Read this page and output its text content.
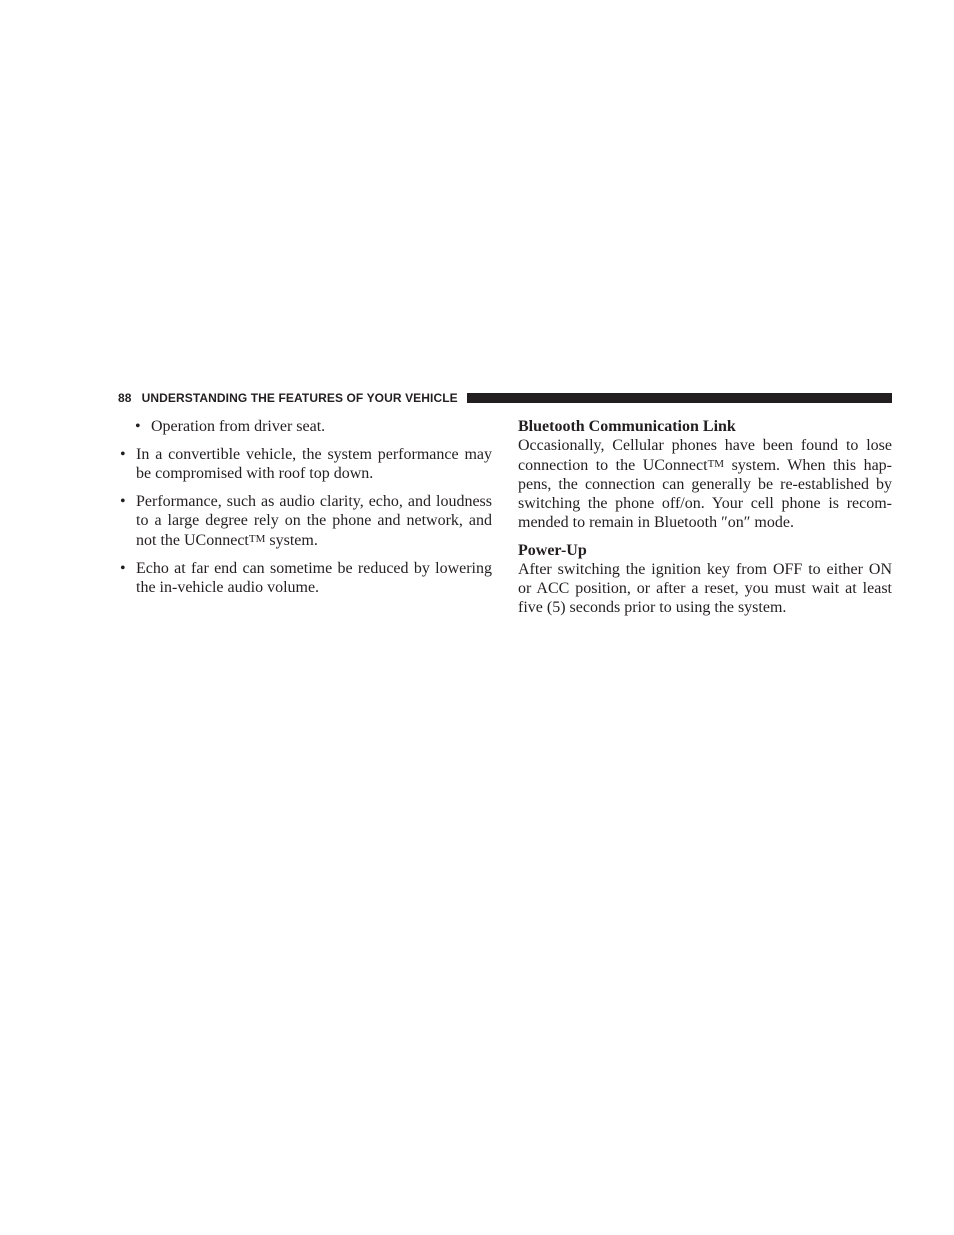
88 UNDERSTANDING THE FEATURES OF YOUR VEHICLE
• Operation from driver seat.
• In a convertible vehicle, the system performance may be compromised with roof top down.
• Performance, such as audio clarity, echo, and loudness to a large degree rely on the phone and network, and not the UConnectTM system.
• Echo at far end can sometime be reduced by lowering the in-vehicle audio volume.

Bluetooth Communication Link

Occasionally, Cellular phones have been found to lose connection to the UConnectTM system. When this hap-pens, the connection can generally be re-established by switching the phone off/on. Your cell phone is recom-mended to remain in Bluetooth ″on″ mode.

Power-Up

After switching the ignition key from OFF to either ON or ACC position, or after a reset, you must wait at least five (5) seconds prior to using the system.
